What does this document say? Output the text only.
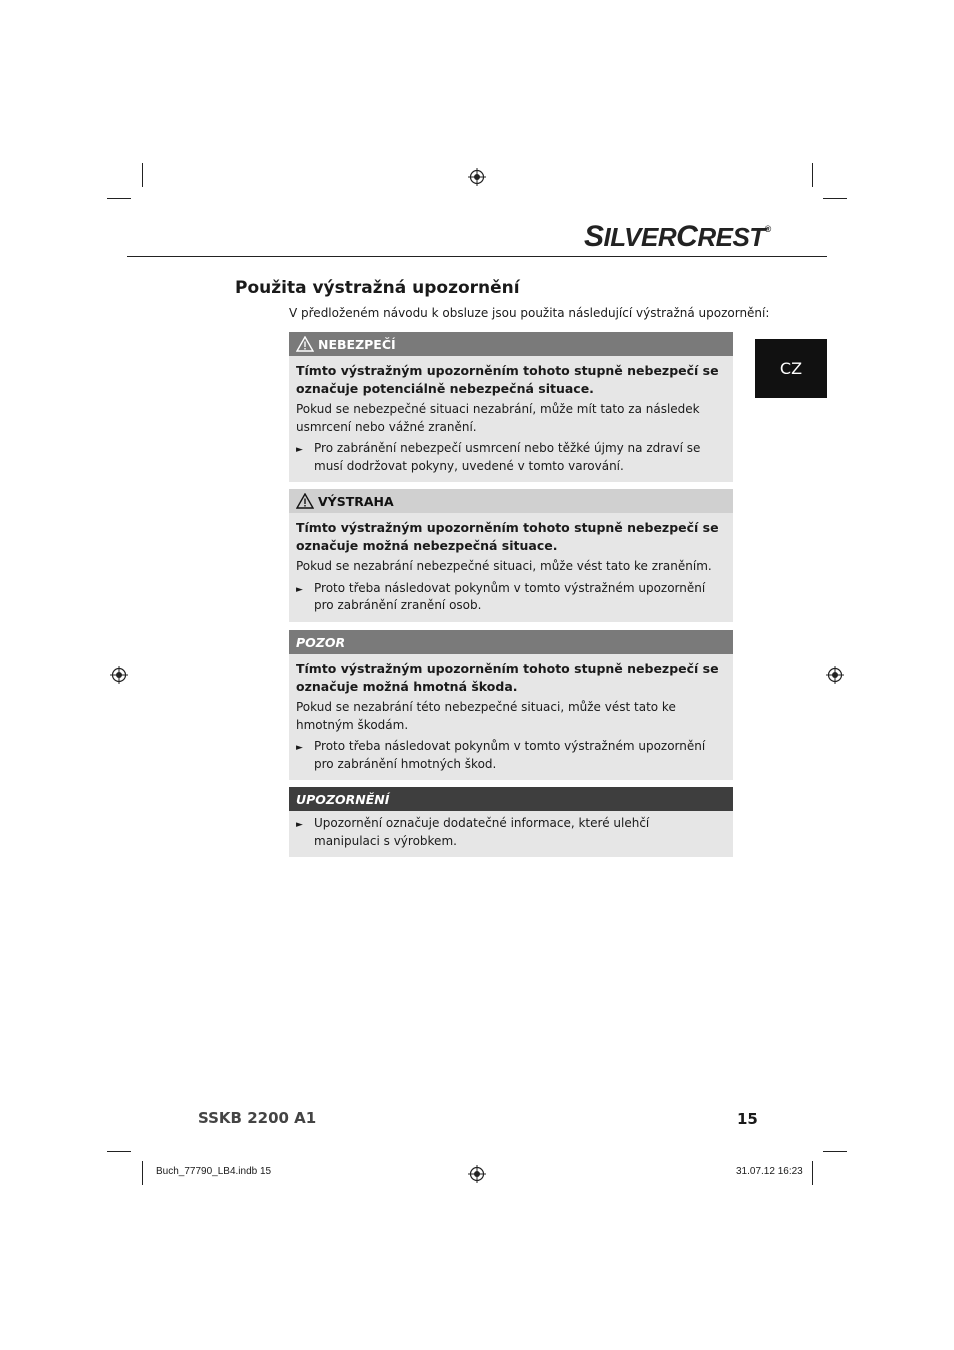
SILVERCREST®
Použita výstražná upozornění
V předloženém návodu k obsluze jsou použita následující výstražná upozornění:
CZ
NEBEZPEČÍ
Tímto výstražným upozorněním tohoto stupně nebezpečí se označuje potenciálně nebezpečná situace.
Pokud se nebezpečné situaci nezabrání, může mít tato za následek usmrcení nebo vážné zranění.
► Pro zabránění nebezpečí usmrcení nebo těžké újmy na zdraví se musí dodržovat pokyny, uvedené v tomto varování.
VÝSTRAHA
Tímto výstražným upozorněním tohoto stupně nebezpečí se označuje možná nebezpečná situace.
Pokud se nezabrání nebezpečné situaci, může vést tato ke zraněním.
► Proto třeba následovat pokynům v tomto výstražném upozornění pro zabránění zranění osob.
POZOR
Tímto výstražným upozorněním tohoto stupně nebezpečí se označuje možná hmotná škoda.
Pokud se nezabrání této nebezpečné situaci, může vést tato ke hmotným škodám.
► Proto třeba následovat pokynům v tomto výstražném upozornění pro zabránění hmotných škod.
UPOZORNĚNÍ
► Upozornění označuje dodatečné informace, které ulehčí manipulaci s výrobkem.
SSKB 2200 A1	15
Buch_77790_LB4.indb 15	31.07.12 16:23
